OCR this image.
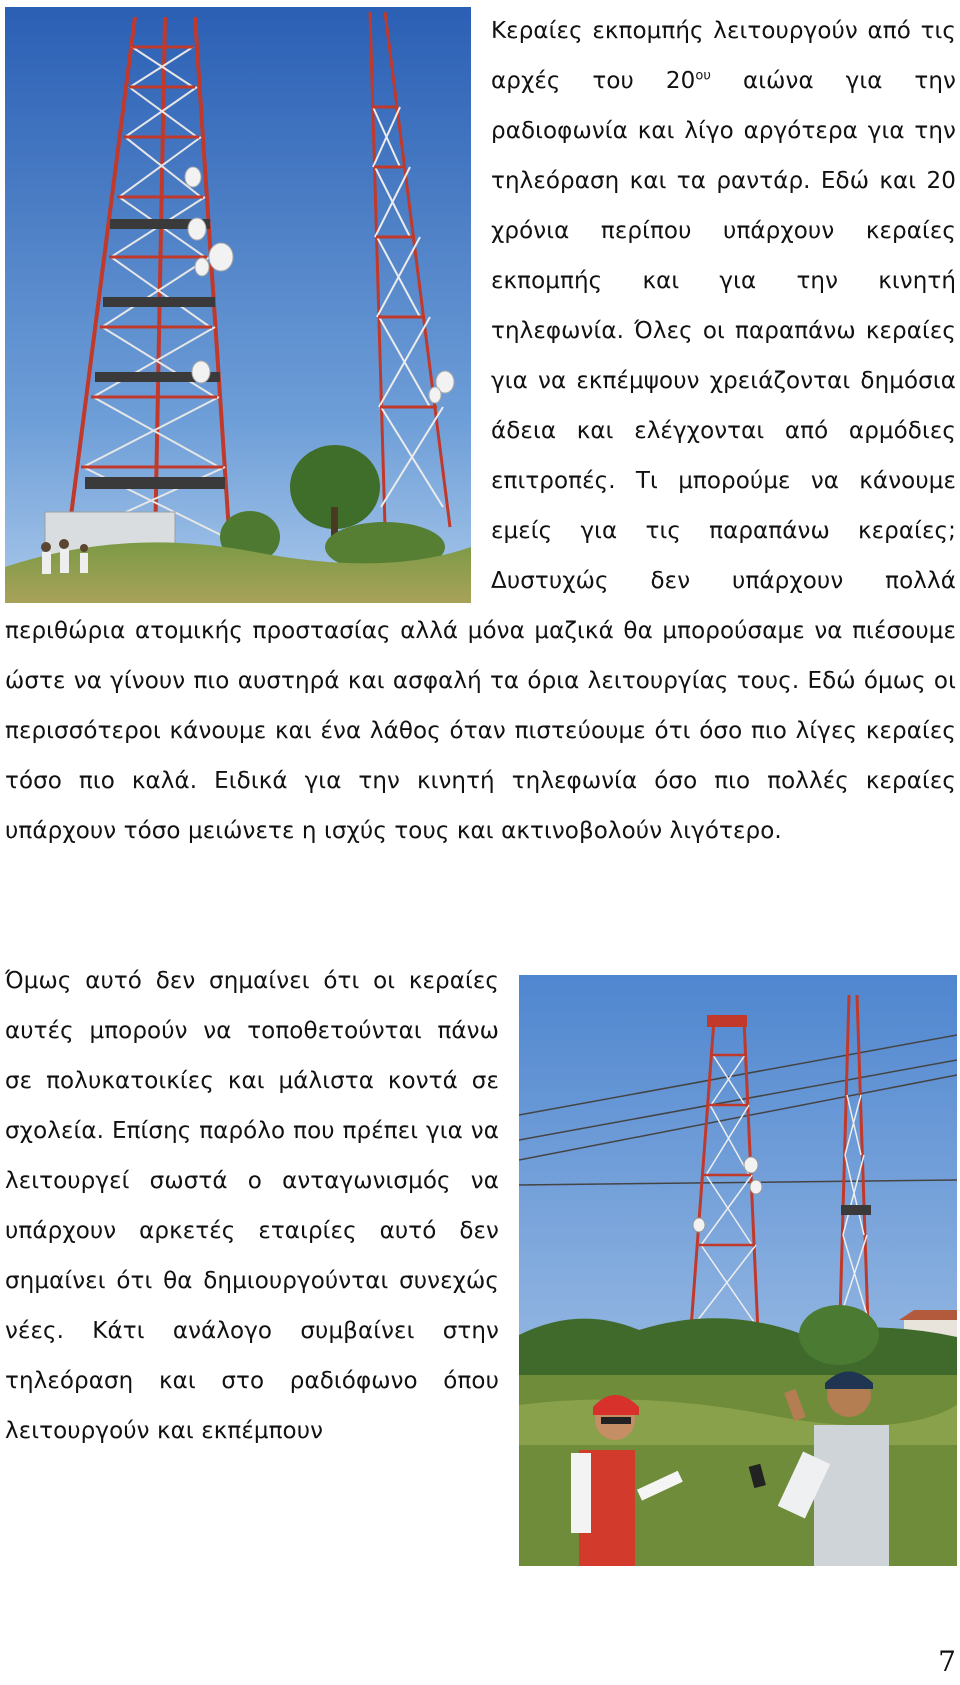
Κεραίες εκπομπής λειτουργούν από τις αρχές του $20^{o\upsilon}$ αιώνα για την ραδιοφωνία και λίγο αργότερα για την τηλεόραση και τα ραντάρ. Εδώ και 20 χρόνια περίπου υπάρχουν κεραίες εκπομπής και για την κινητή τηλεφωνία. Όλες οι παραπάνω κεραίες για να εκπέμψουν χρειάζονται δημόσια άδεια και ελέγχονται από αρμόδιες επιτροπές. Τι μπορούμε να κάνουμε εμείς για τις παραπάνω κεραίες; Δυστυχώς δεν υπάρχουν πολλά περιθώρια ατομικής προστασίας αλλά μόνα μαζικά θα μπορούσαμε να πιέσουμε ώστε να γίνουν πιο αυστηρά και ασφαλή τα όρια λειτουργίας τους. Εδώ όμως οι περισσότεροι κάνουμε και ένα λάθος όταν πιστεύουμε ότι όσο πιο λίγες κεραίες τόσο πιο καλά. Ειδικά για την κινητή τηλεφωνία όσο πιο πολλές κεραίες υπάρχουν τόσο μειώνετε η ισχύς τους και ακτινοβολούν λιγότερο.

Όμως αυτό δεν σημαίνει ότι οι κεραίες αυτές μπορούν να τοποθετούνται πάνω σε πολυκατοικίες και μάλιστα κοντά σε σχολεία. Επίσης παρόλο που πρέπει για να λειτουργεί σωστά ο ανταγωνισμός να υπάρχουν αρκετές εταιρίες αυτό δεν σημαίνει ότι θα δημιουργούνται συνεχώς νέες. Κάτι ανάλογο συμβαίνει στην τηλεόραση και στο ραδιόφωνο όπου λειτουργούν και εκπέμπουν

7
